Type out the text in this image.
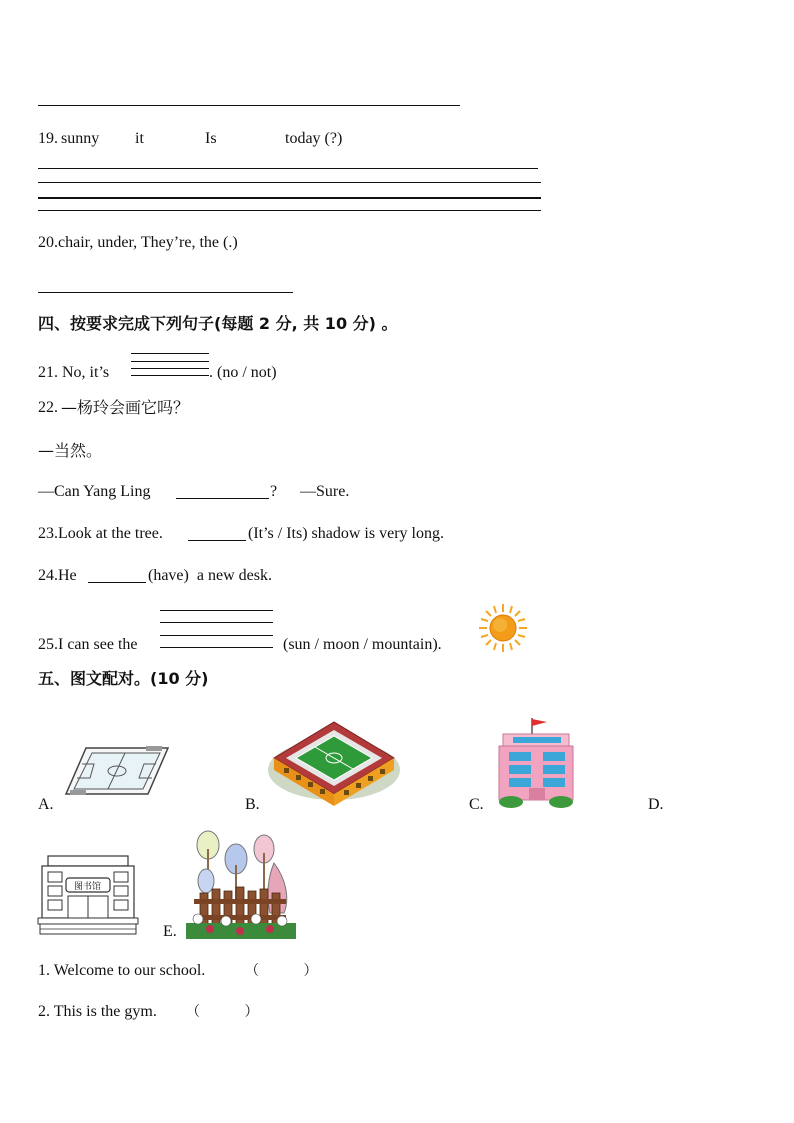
19. sunny it	Is	today (?)
20.chair, under, They’re, the (.)
四、按要求完成下列句子(每题 2 分, 共 10 分) 。
21. No, it’s	. (no / not)
22. —杨玲会画它吗？
—当然。
—Can Yang Ling	? —Sure.
23.Look at the tree.	(It’s / Its) shadow is very long.
24.He	(have)  a new desk.
25.I can see the	(sun / moon / mountain).
五、图文配对。(10 分)
A.	B.	C.	D.
图书馆
E.
1. Welcome to our school.	（          ）
2. This is the gym. （          ）
